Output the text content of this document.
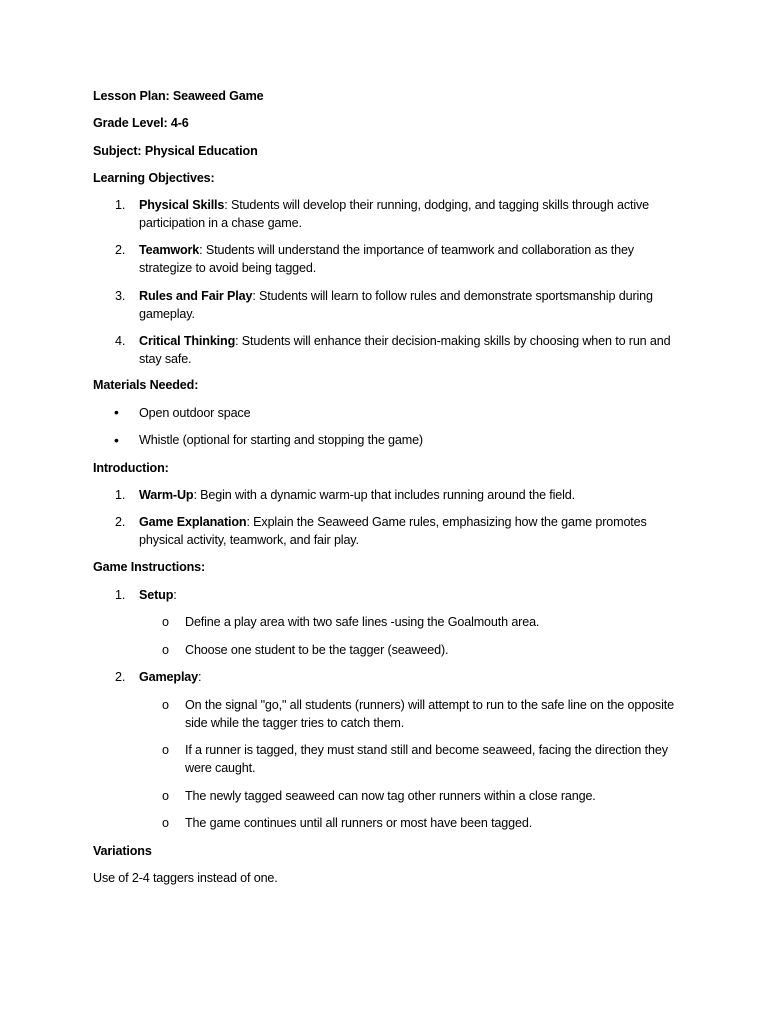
Lesson Plan: Seaweed Game
Grade Level: 4-6
Subject: Physical Education
Learning Objectives:
1. Physical Skills: Students will develop their running, dodging, and tagging skills through active participation in a chase game.
2. Teamwork: Students will understand the importance of teamwork and collaboration as they strategize to avoid being tagged.
3. Rules and Fair Play: Students will learn to follow rules and demonstrate sportsmanship during gameplay.
4. Critical Thinking: Students will enhance their decision-making skills by choosing when to run and stay safe.
Materials Needed:
• Open outdoor space
• Whistle (optional for starting and stopping the game)
Introduction:
1. Warm-Up: Begin with a dynamic warm-up that includes running around the field.
2. Game Explanation: Explain the Seaweed Game rules, emphasizing how the game promotes physical activity, teamwork, and fair play.
Game Instructions:
1. Setup:
o Define a play area with two safe lines -using the Goalmouth area.
o Choose one student to be the tagger (seaweed).
2. Gameplay:
o On the signal "go," all students (runners) will attempt to run to the safe line on the opposite side while the tagger tries to catch them.
o If a runner is tagged, they must stand still and become seaweed, facing the direction they were caught.
o The newly tagged seaweed can now tag other runners within a close range.
o The game continues until all runners or most have been tagged.
Variations
Use of 2-4 taggers instead of one.
